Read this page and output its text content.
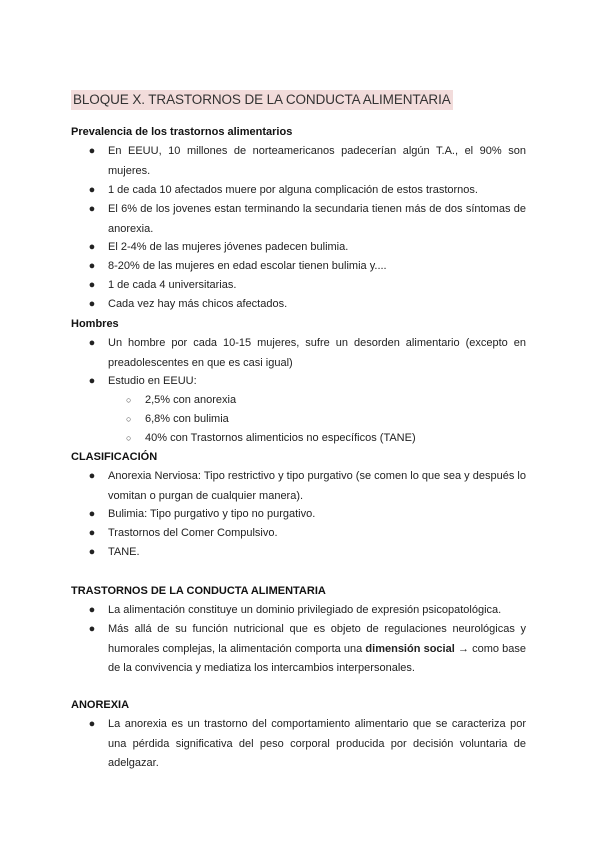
BLOQUE X. TRASTORNOS DE LA CONDUCTA ALIMENTARIA
Prevalencia de los trastornos alimentarios
● En EEUU, 10 millones de norteamericanos padecerían algún T.A., el 90% son mujeres.
● 1 de cada 10 afectados muere por alguna complicación de estos trastornos.
● El 6% de los jovenes estan terminando la secundaria tienen más de dos síntomas de anorexia.
● El 2-4% de las mujeres jóvenes padecen bulimia.
● 8-20% de las mujeres en edad escolar tienen bulimia y....
● 1 de cada 4 universitarias.
● Cada vez hay más chicos afectados.
Hombres
● Un hombre por cada 10-15 mujeres, sufre un desorden alimentario (excepto en preadolescentes en que es casi igual)
● Estudio en EEUU:
○ 2,5% con anorexia
○ 6,8% con bulimia
○ 40% con Trastornos alimenticios no específicos (TANE)
CLASIFICACIÓN
● Anorexia Nerviosa: Tipo restrictivo y tipo purgativo (se comen lo que sea y después lo vomitan o purgan de cualquier manera).
● Bulimia: Tipo purgativo y tipo no purgativo.
● Trastornos del Comer Compulsivo.
● TANE.
TRASTORNOS DE LA CONDUCTA ALIMENTARIA
● La alimentación constituye un dominio privilegiado de expresión psicopatológica.
● Más allá de su función nutricional que es objeto de regulaciones neurológicas y humorales complejas, la alimentación comporta una dimensión social → como base de la convivencia y mediatiza los intercambios interpersonales.
ANOREXIA
● La anorexia es un trastorno del comportamiento alimentario que se caracteriza por una pérdida significativa del peso corporal producida por decisión voluntaria de adelgazar.
